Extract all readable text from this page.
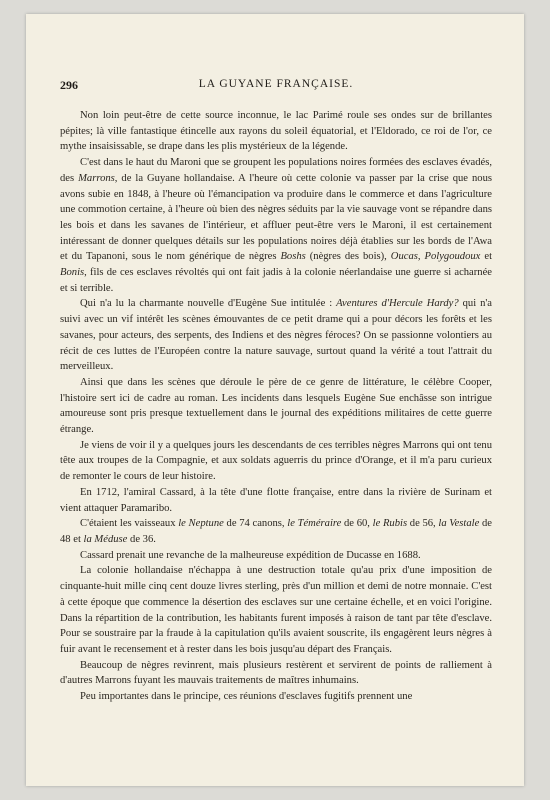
296	LA GUYANE FRANÇAISE.

Non loin peut-être de cette source inconnue, le lac Parimé roule ses ondes sur de brillantes pépites; là ville fantastique étincelle aux rayons du soleil équatorial, et l'Eldorado, ce roi de l'or, ce mythe insaisissable, se drape dans les plis mystérieux de la légende.

C'est dans le haut du Maroni que se groupent les populations noires formées des esclaves évadés, des Marrons, de la Guyane hollandaise. A l'heure où cette colonie va passer par la crise que nous avons subie en 1848, à l'heure où l'émancipation va produire dans le commerce et dans l'agriculture une commotion certaine, à l'heure où bien des nègres séduits par la vie sauvage vont se répandre dans les bois et dans les savanes de l'intérieur, et affluer peut-être vers le Maroni, il est certainement intéressant de donner quelques détails sur les populations noires déjà établies sur les bords de l'Awa et du Tapanoni, sous le nom générique de nègres Boshs (nègres des bois), Oucas, Polygoudoux et Bonis, fils de ces esclaves révoltés qui ont fait jadis à la colonie néerlandaise une guerre si acharnée et si terrible.

Qui n'a lu la charmante nouvelle d'Eugène Sue intitulée : Aventures d'Hercule Hardy? qui n'a suivi avec un vif intérêt les scènes émouvantes de ce petit drame qui a pour décors les forêts et les savanes, pour acteurs, des serpents, des Indiens et des nègres féroces? On se passionne volontiers au récit de ces luttes de l'Européen contre la nature sauvage, surtout quand la vérité a tout l'attrait du merveilleux.

Ainsi que dans les scènes que déroule le père de ce genre de littérature, le célèbre Cooper, l'histoire sert ici de cadre au roman. Les incidents dans lesquels Eugène Sue enchâsse son intrigue amoureuse sont pris presque textuellement dans le journal des expéditions militaires de cette guerre étrange.

Je viens de voir il y a quelques jours les descendants de ces terribles nègres Marrons qui ont tenu tête aux troupes de la Compagnie, et aux soldats aguerris du prince d'Orange, et il m'a paru curieux de remonter le cours de leur histoire.

En 1712, l'amiral Cassard, à la tête d'une flotte française, entre dans la rivière de Surinam et vient attaquer Paramaribo.

C'étaient les vaisseaux le Neptune de 74 canons, le Téméraire de 60, le Rubis de 56, la Vestale de 48 et la Méduse de 36.

Cassard prenait une revanche de la malheureuse expédition de Ducasse en 1688.

La colonie hollandaise n'échappa à une destruction totale qu'au prix d'une imposition de cinquante-huit mille cinq cent douze livres sterling, près d'un million et demi de notre monnaie. C'est à cette époque que commence la désertion des esclaves sur une certaine échelle, et en voici l'origine. Dans la répartition de la contribution, les habitants furent imposés à raison de tant par tête d'esclave. Pour se soustraire par la fraude à la capitulation qu'ils avaient souscrite, ils engagèrent leurs nègres à fuir avant le recensement et à rester dans les bois jusqu'au départ des Français.

Beaucoup de nègres revinrent, mais plusieurs restèrent et servirent de points de ralliement à d'autres Marrons fuyant les mauvais traitements de maîtres inhumains.

Peu importantes dans le principe, ces réunions d'esclaves fugitifs prennent une
